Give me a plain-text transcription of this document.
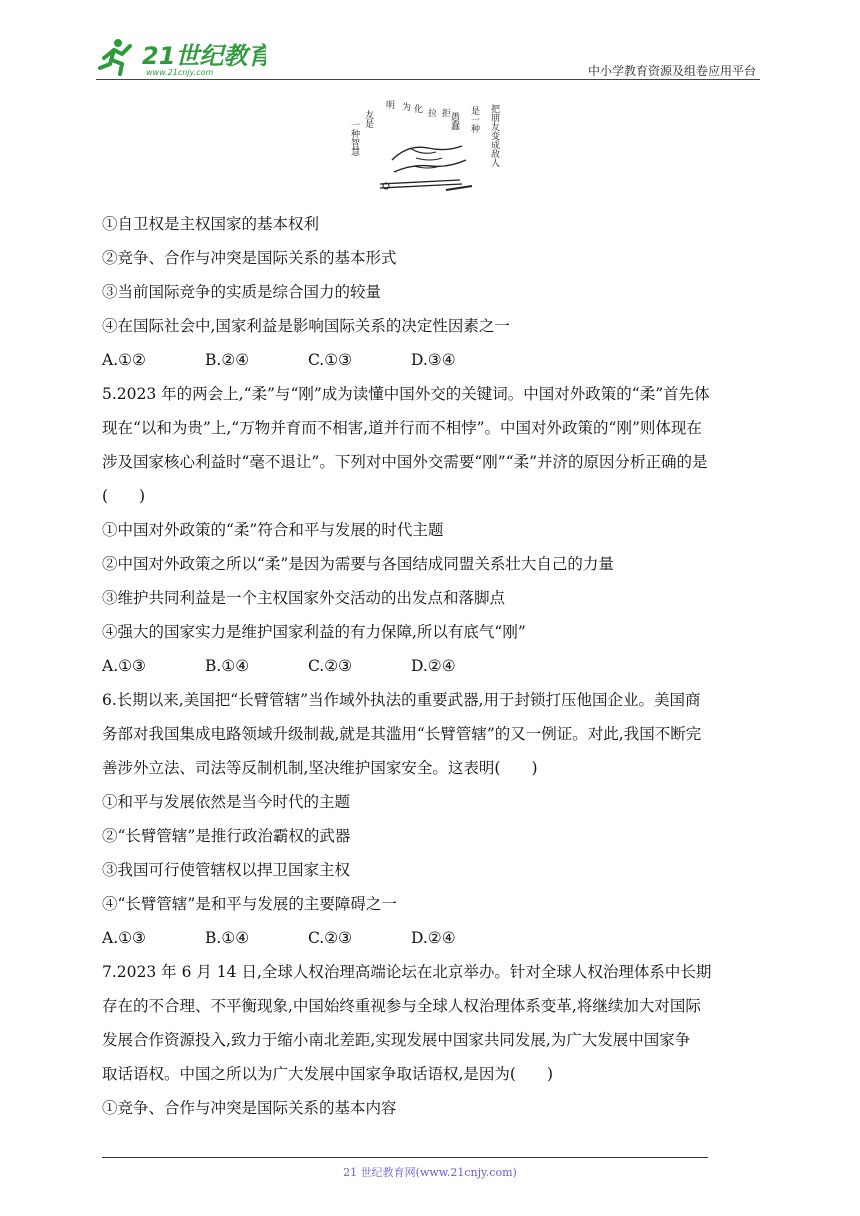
21世纪教育
www.21cnjy.com	中小学教育资源及组卷应用平台
一种智慧
友是
明 为 化 拉 拒
愚蠢 是一种 把朋友变成敌人
①自卫权是主权国家的基本权利
②竞争、合作与冲突是国际关系的基本形式
③当前国际竞争的实质是综合国力的较量
④在国际社会中,国家利益是影响国际关系的决定性因素之一
A.①②	B.②④	C.①③	D.③④
5.2023 年的两会上,“柔”与“刚”成为读懂中国外交的关键词。中国对外政策的“柔”首先体
现在“以和为贵”上,“万物并育而不相害,道并行而不相悖”。中国对外政策的“刚”则体现在
涉及国家核心利益时“毫不退让”。下列对中国外交需要“刚”“柔”并济的原因分析正确的是
(　　)
①中国对外政策的“柔”符合和平与发展的时代主题
②中国对外政策之所以“柔”是因为需要与各国结成同盟关系壮大自己的力量
③维护共同利益是一个主权国家外交活动的出发点和落脚点
④强大的国家实力是维护国家利益的有力保障,所以有底气“刚”
A.①③	B.①④	C.②③	D.②④
6.长期以来,美国把“长臂管辖”当作域外执法的重要武器,用于封锁打压他国企业。美国商
务部对我国集成电路领域升级制裁,就是其滥用“长臂管辖”的又一例证。对此,我国不断完
善涉外立法、司法等反制机制,坚决维护国家安全。这表明(　　)
①和平与发展依然是当今时代的主题
②“长臂管辖”是推行政治霸权的武器
③我国可行使管辖权以捍卫国家主权
④“长臂管辖”是和平与发展的主要障碍之一
A.①③	B.①④	C.②③	D.②④
7.2023 年 6 月 14 日,全球人权治理高端论坛在北京举办。针对全球人权治理体系中长期
存在的不合理、不平衡现象,中国始终重视参与全球人权治理体系变革,将继续加大对国际
发展合作资源投入,致力于缩小南北差距,实现发展中国家共同发展,为广大发展中国家争
取话语权。中国之所以为广大发展中国家争取话语权,是因为(　　)
①竞争、合作与冲突是国际关系的基本内容
21 世纪教育网(www.21cnjy.com)
